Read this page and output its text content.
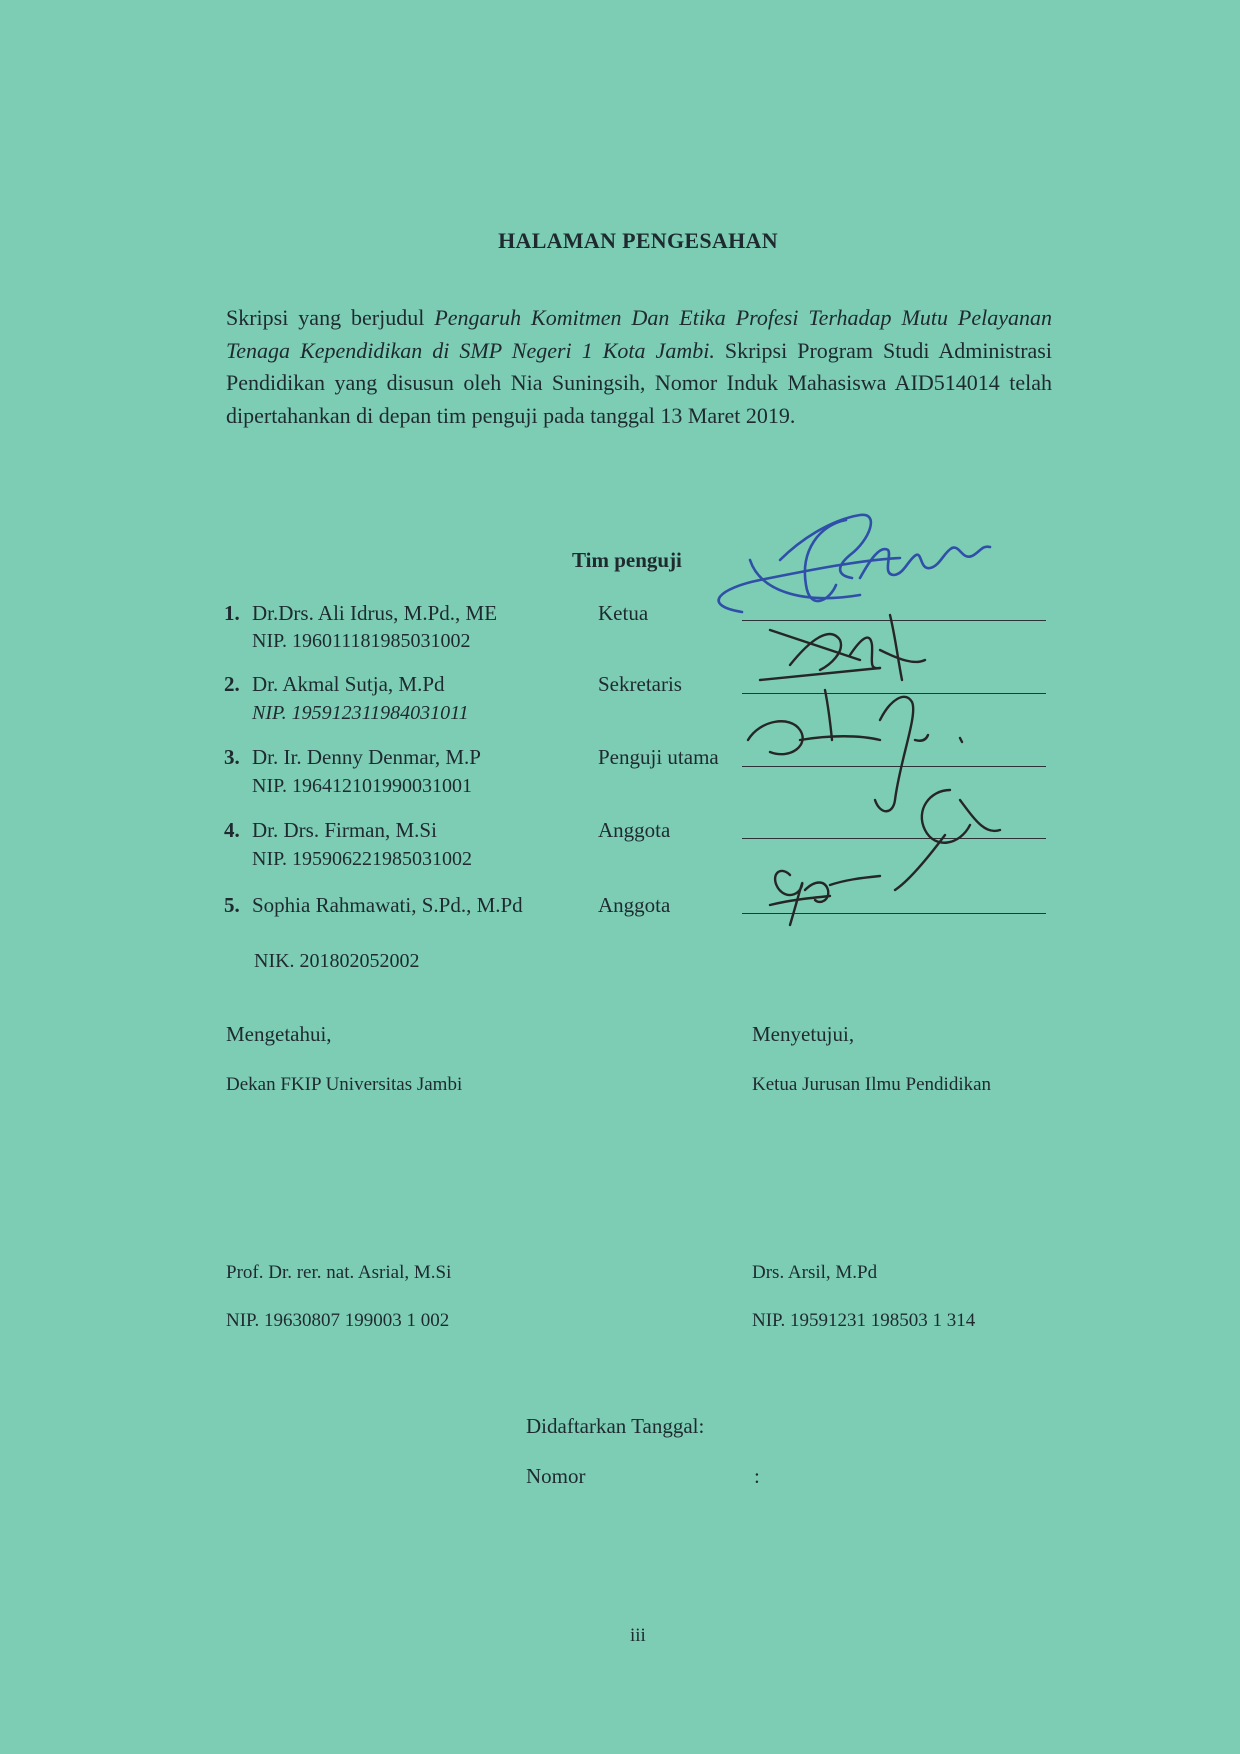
HALAMAN PENGESAHAN
Skripsi yang berjudul Pengaruh Komitmen Dan Etika Profesi Terhadap Mutu Pelayanan Tenaga Kependidikan di SMP Negeri 1 Kota Jambi. Skripsi Program Studi Administrasi Pendidikan yang disusun oleh Nia Suningsih, Nomor Induk Mahasiswa AID514014 telah dipertahankan di depan tim penguji pada tanggal 13 Maret 2019.
Tim penguji
1. Dr.Drs. Ali Idrus, M.Pd., ME
NIP. 196011181985031002
Ketua
2. Dr. Akmal Sutja, M.Pd
NIP. 195912311984031011
Sekretaris
3. Dr. Ir. Denny Denmar, M.P
NIP. 196412101990031001
Penguji utama
4. Dr. Drs. Firman, M.Si
NIP. 195906221985031002
Anggota
5. Sophia Rahmawati, S.Pd., M.Pd
NIK. 201802052002
Anggota
Mengetahui,
Dekan FKIP Universitas Jambi
Prof. Dr. rer. nat. Asrial, M.Si
NIP. 19630807 199003 1 002
Menyetujui,
Ketua Jurusan Ilmu Pendidikan
Drs. Arsil, M.Pd
NIP. 19591231 198503 1 314
Didaftarkan Tanggal:
Nomor	:
iii
